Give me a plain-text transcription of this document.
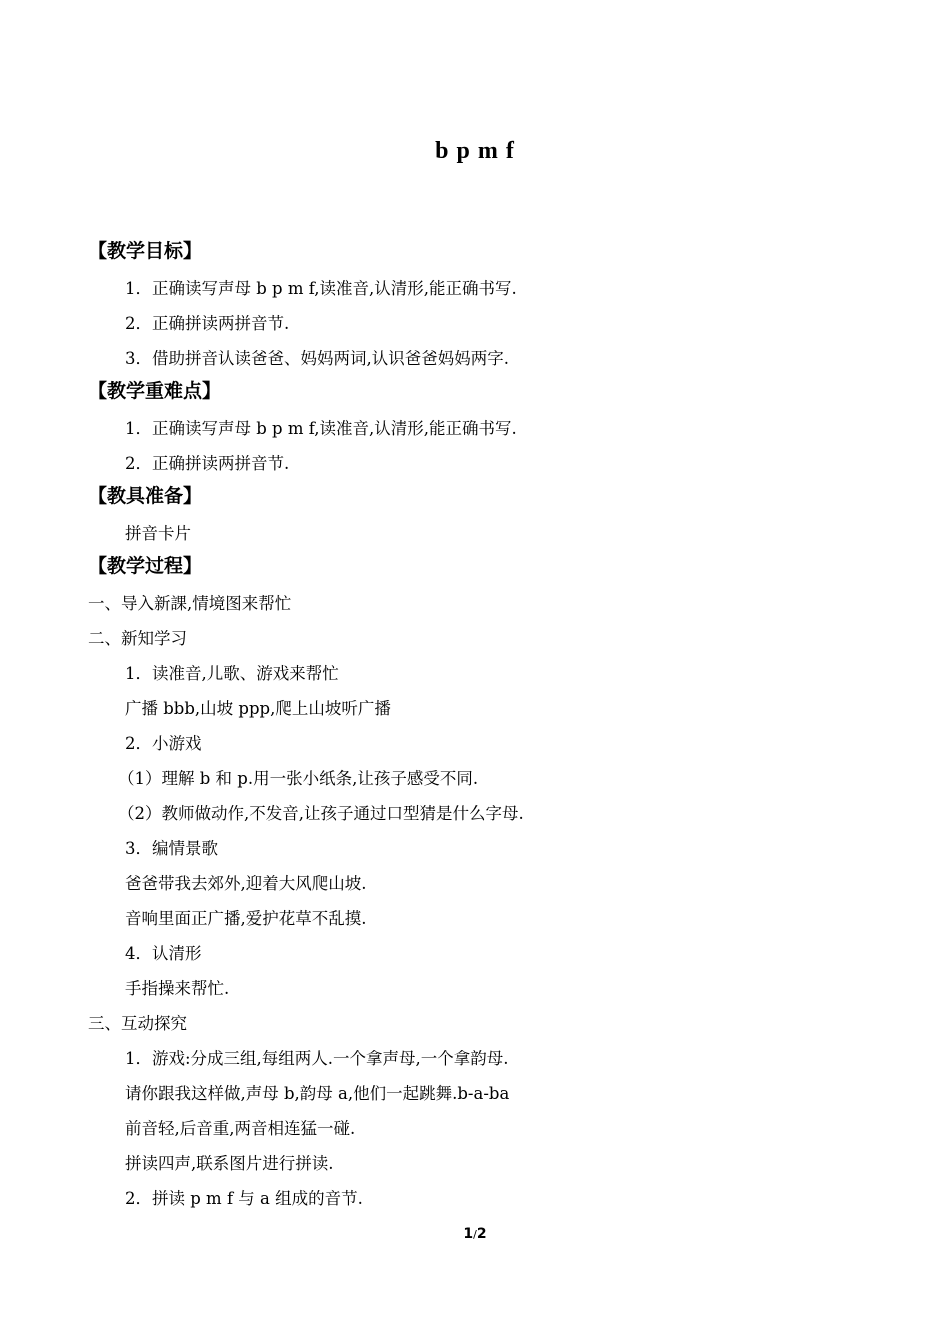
b p m f
【教学目标】
1．正确读写声母 b p m f,读准音,认清形,能正确书写.
2．正确拼读两拼音节.
3．借助拼音认读爸爸、妈妈两词,认识爸爸妈妈两字.
【教学重难点】
1．正确读写声母 b p m f,读准音,认清形,能正确书写.
2．正确拼读两拼音节.
【教具准备】
拼音卡片
【教学过程】
一、导入新課,情境图来帮忙
二、新知学习
1．读准音,儿歌、游戏来帮忙
广播 bbb,山坡 ppp,爬上山坡听广播
2．小游戏
（1）理解 b 和 p.用一张小纸条,让孩子感受不同.
（2）教师做动作,不发音,让孩子通过口型猜是什么字母.
3．编情景歌
爸爸带我去郊外,迎着大风爬山坡.
音响里面正广播,爱护花草不乱摸.
4．认清形
手指操来帮忙.
三、互动探究
1．游戏:分成三组,每组两人.一个拿声母,一个拿韵母.
请你跟我这样做,声母 b,韵母 a,他们一起跳舞.b-a-ba
前音轻,后音重,两音相连猛一碰.
拼读四声,联系图片进行拼读.
2．拼读 p m f 与 a 组成的音节.
1/2
